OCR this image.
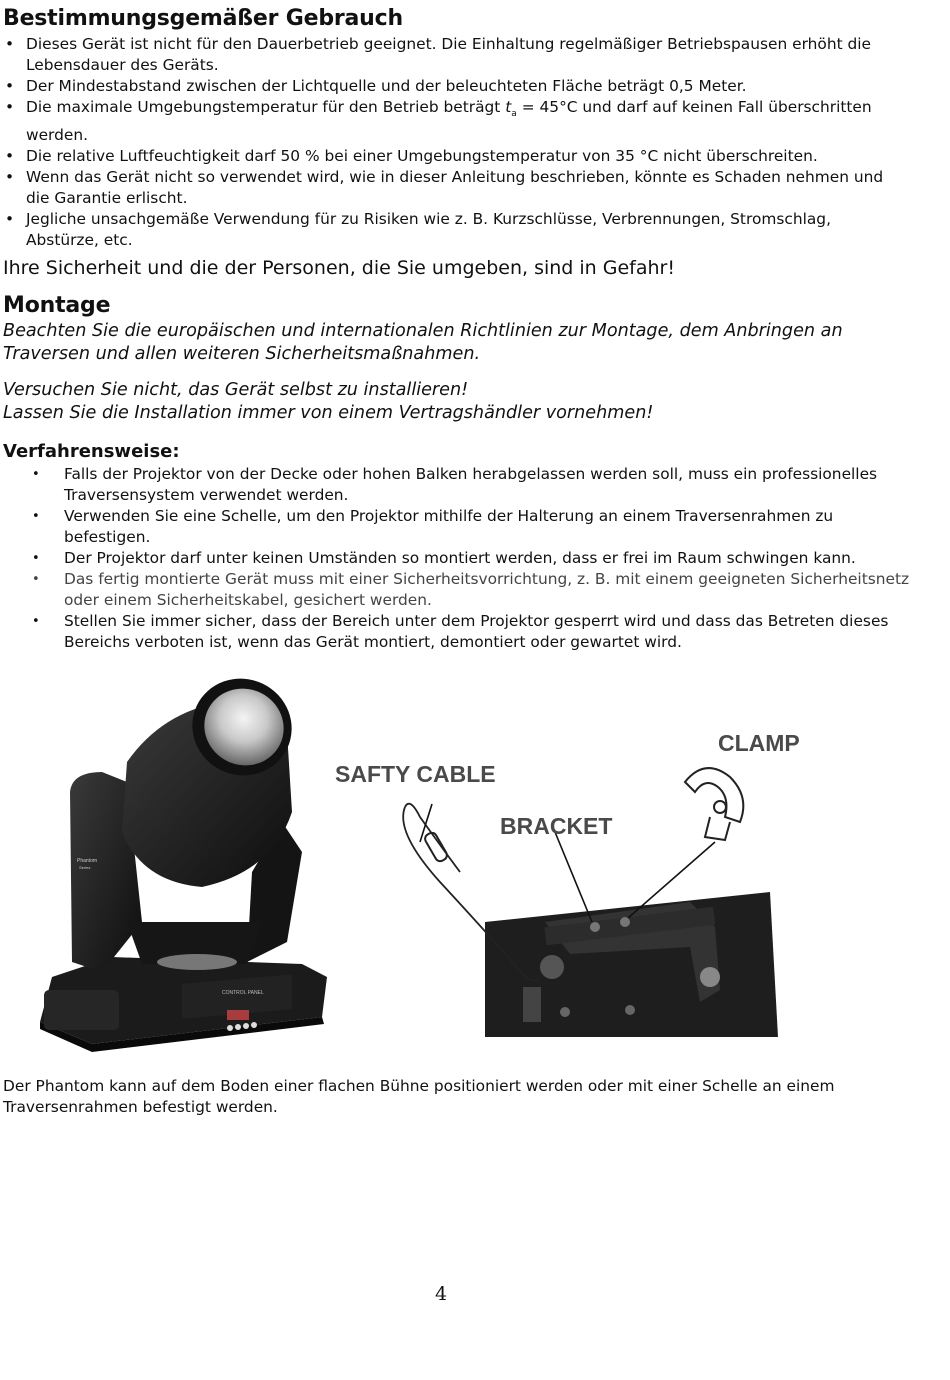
Bestimmungsgemäßer Gebrauch
• Dieses Gerät ist nicht für den Dauerbetrieb geeignet. Die Einhaltung regelmäßiger Betriebspausen erhöht die Lebensdauer des Geräts.
• Der Mindestabstand zwischen der Lichtquelle und der beleuchteten Fläche beträgt 0,5 Meter.
• Die maximale Umgebungstemperatur für den Betrieb beträgt $t_a = 45^\circ C$ und darf auf keinen Fall überschritten werden.
• Die relative Luftfeuchtigkeit darf 50 % bei einer Umgebungstemperatur von 35 °C nicht überschreiten.
• Wenn das Gerät nicht so verwendet wird, wie in dieser Anleitung beschrieben, könnte es Schaden nehmen und die Garantie erlischt.
• Jegliche unsachgemäße Verwendung für zu Risiken wie z. B. Kurzschlüsse, Verbrennungen, Stromschlag, Abstürze, etc.

Ihre Sicherheit und die der Personen, die Sie umgeben, sind in Gefahr!

Montage

Beachten Sie die europäischen und internationalen Richtlinien zur Montage, dem Anbringen an Traversen und allen weiteren Sicherheitsmaßnahmen.

Versuchen Sie nicht, das Gerät selbst zu installieren!
Lassen Sie die Installation immer von einem Vertragshändler vornehmen!

Verfahrensweise:
• Falls der Projektor von der Decke oder hohen Balken herabgelassen werden soll, muss ein professionelles Traversensystem verwendet werden.
• Verwenden Sie eine Schelle, um den Projektor mithilfe der Halterung an einem Traversenrahmen zu befestigen.
• Der Projektor darf unter keinen Umständen so montiert werden, dass er frei im Raum schwingen kann.
• Das fertig montierte Gerät muss mit einer Sicherheitsvorrichtung, z. B. mit einem geeigneten Sicherheitsnetz oder einem Sicherheitskabel, gesichert werden.
• Stellen Sie immer sicher, dass der Bereich unter dem Projektor gesperrt wird und dass das Betreten dieses Bereichs verboten ist, wenn das Gerät montiert, demontiert oder gewartet wird.
CONTROL PANEL
Phantom
Series
SAFTY CABLE
BRACKET
CLAMP

Der Phantom kann auf dem Boden einer flachen Bühne positioniert werden oder mit einer Schelle an einem Traversenrahmen befestigt werden.

4
